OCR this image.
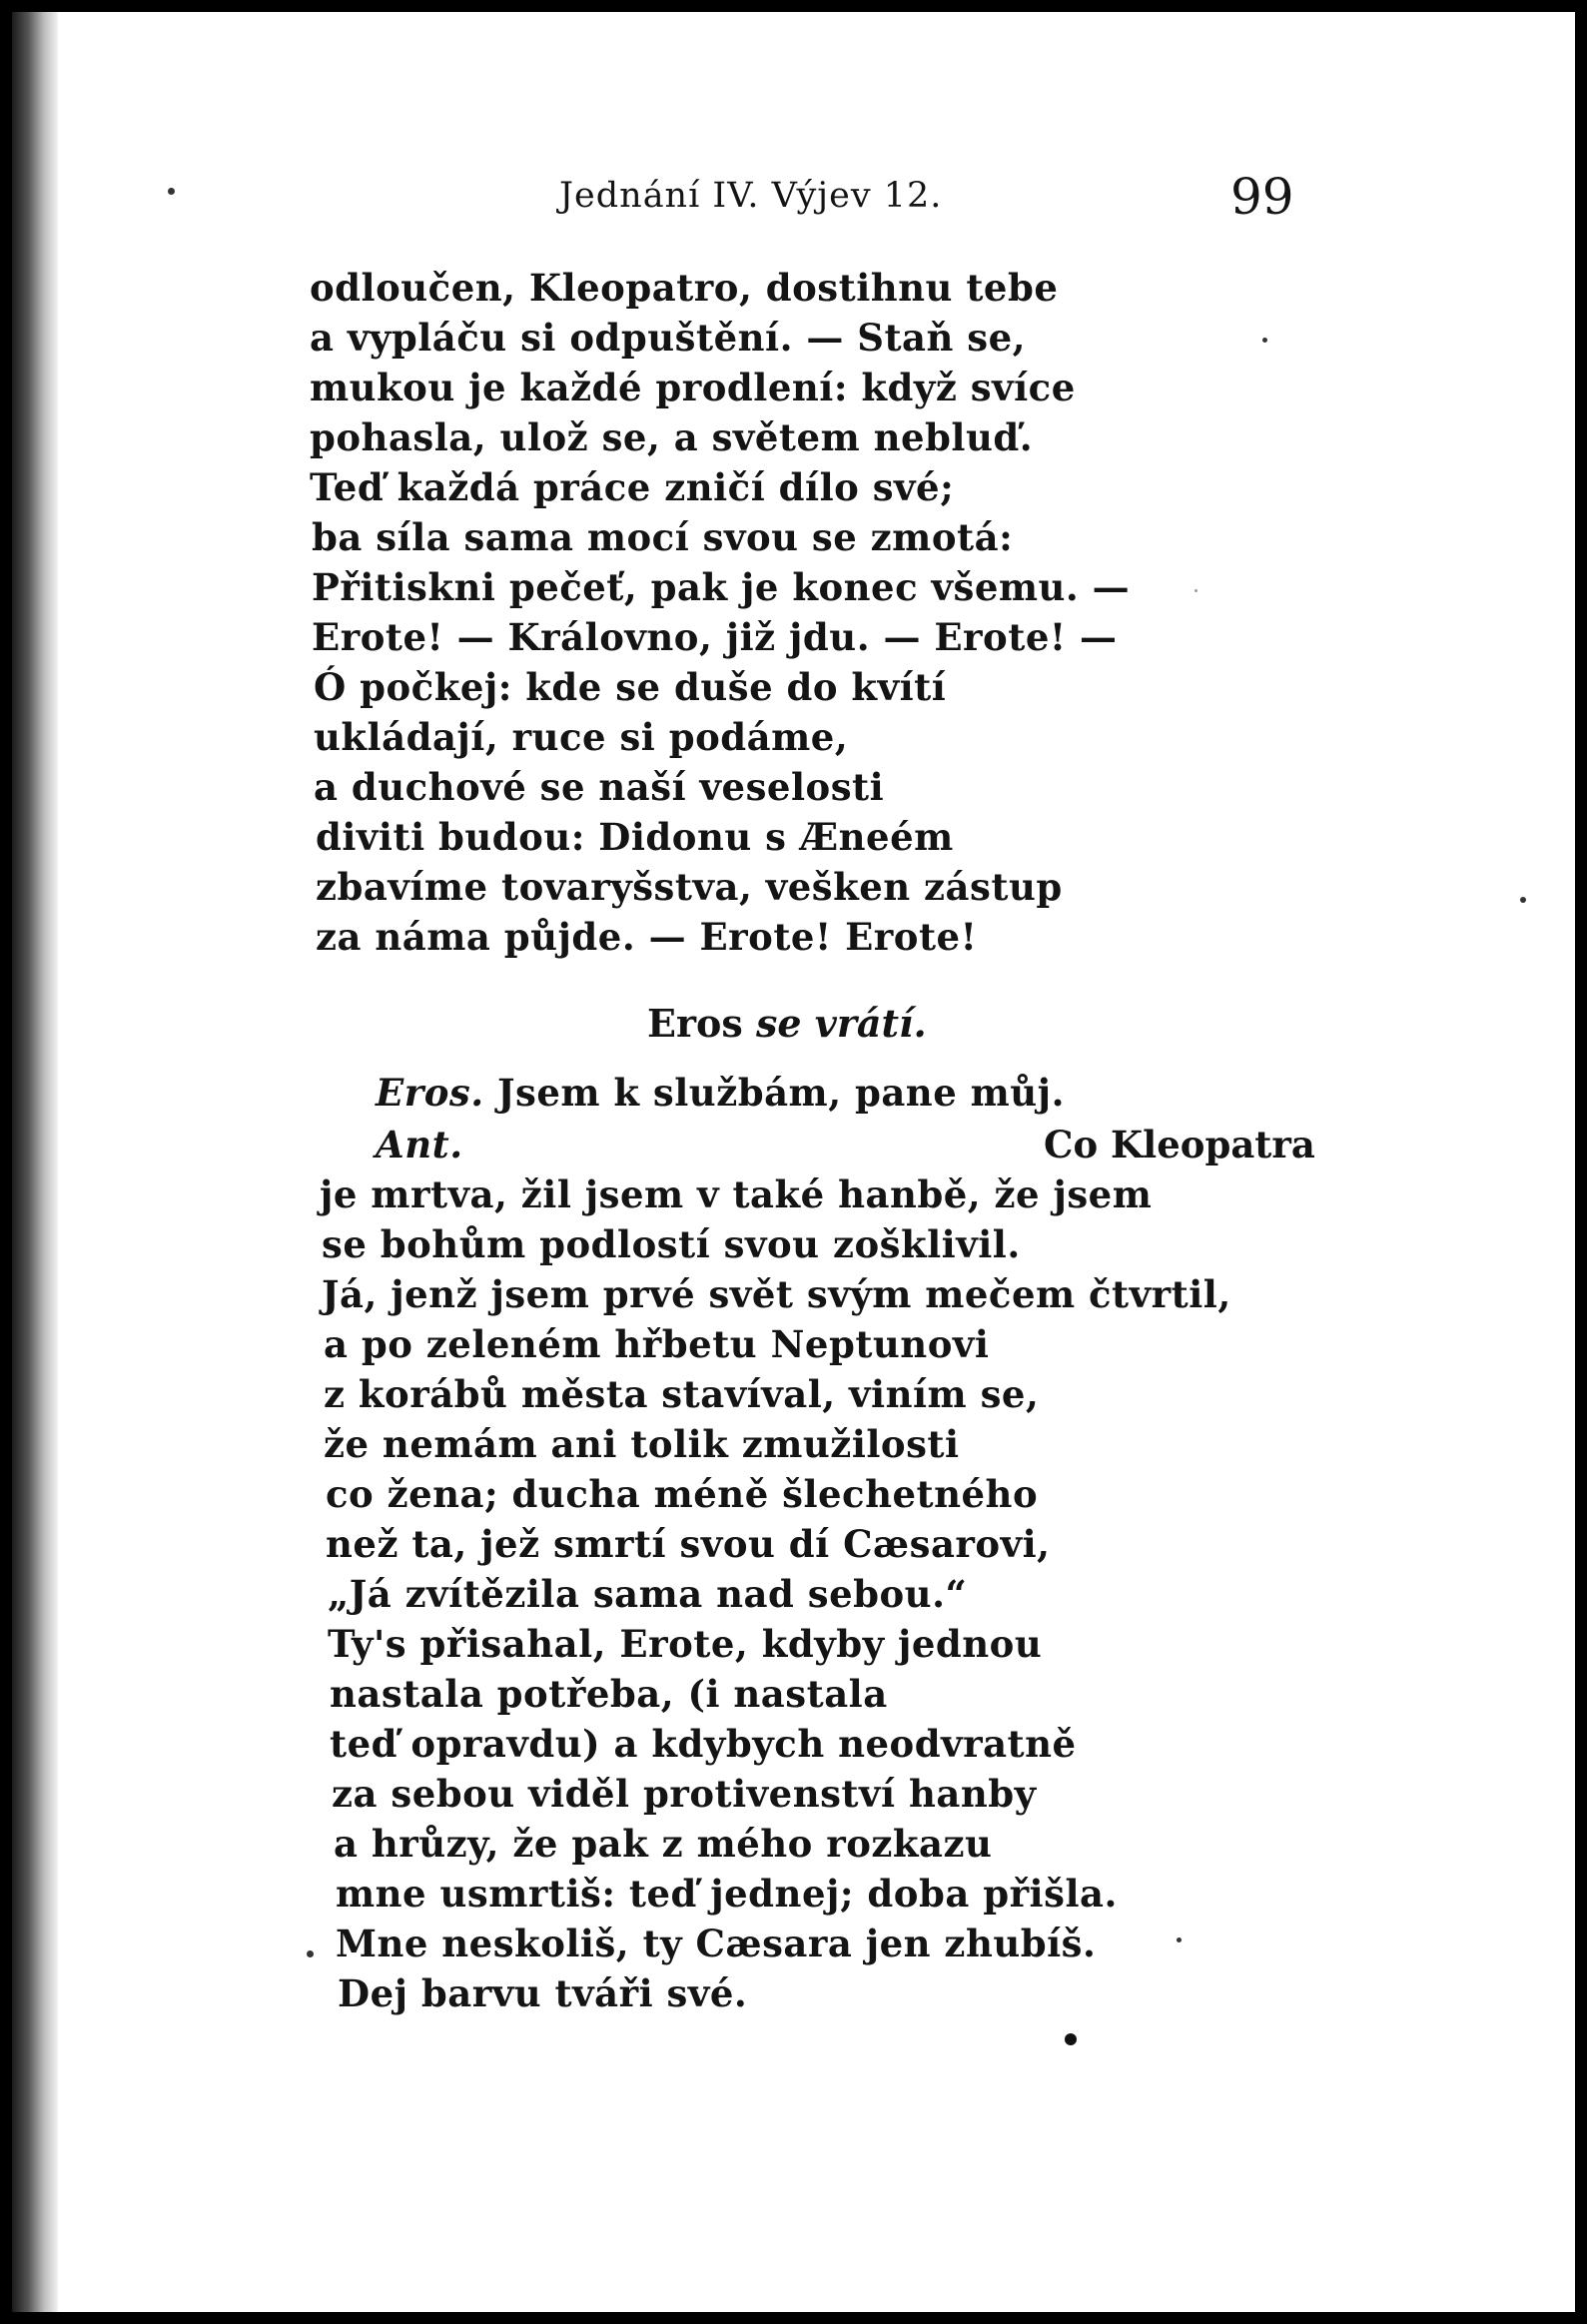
Jednání IV. Výjev 12.	99
odloučen, Kleopatro, dostihnu tebe
a vypláču si odpuštění. — Staň se,
mukou je každé prodlení: když svíce
pohasla, ulož se, a světem nebluď.
Teď každá práce zničí dílo své;
ba síla sama mocí svou se zmotá:
Přitiskni pečeť, pak je konec všemu. —
Erote! — Královno, již jdu. — Erote! —
Ó počkej: kde se duše do kvítí
ukládají, ruce si podáme,
a duchové se naší veselosti
diviti budou: Didonu s Æneém
zbavíme tovaryšstva, vešken zástup
za náma půjde. — Erote! Erote!
Eros se vrátí.
Eros. Jsem k službám, pane můj.
Ant.	Co Kleopatra
je mrtva, žil jsem v také hanbě, že jsem
se bohům podlostí svou zošklivil.
Já, jenž jsem prvé svět svým mečem čtvrtil,
a po zeleném hřbetu Neptunovi
z korábů města stavíval, viním se,
že nemám ani tolik zmužilosti
co žena; ducha méně šlechetného
než ta, jež smrtí svou dí Cæsarovi,
„Já zvítězila sama nad sebou.“
Ty's přisahal, Erote, kdyby jednou
nastala potřeba, (i nastala
teď opravdu) a kdybych neodvratně
za sebou viděl protivenství hanby
a hrůzy, že pak z mého rozkazu
mne usmrtiš: teď jednej; doba přišla.
Mne neskoliš, ty Cæsara jen zhubíš.
Dej barvu tváři své.
